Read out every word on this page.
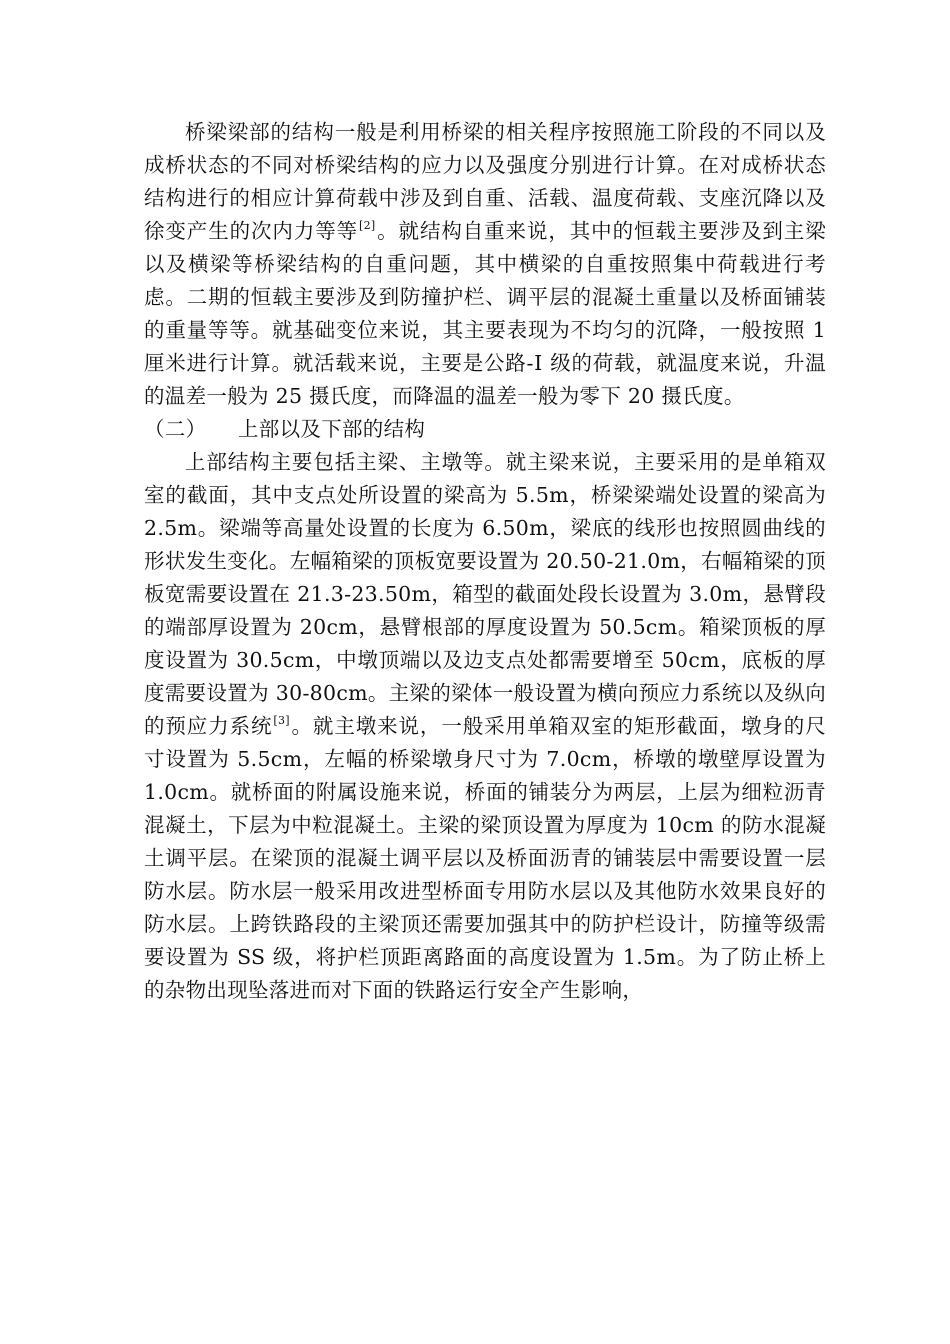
桥梁梁部的结构一般是利用桥梁的相关程序按照施工阶段的不同以及成桥状态的不同对桥梁结构的应力以及强度分别进行计算。在对成桥状态结构进行的相应计算荷载中涉及到自重、活载、温度荷载、支座沉降以及徐变产生的次内力等等[2]。就结构自重来说，其中的恒载主要涉及到主梁以及横梁等桥梁结构的自重问题，其中横梁的自重按照集中荷载进行考虑。二期的恒载主要涉及到防撞护栏、调平层的混凝土重量以及桥面铺装的重量等等。就基础变位来说，其主要表现为不均匀的沉降，一般按照 1 厘米进行计算。就活载来说，主要是公路-Ⅰ 级的荷载，就温度来说，升温的温差一般为 25 摄氏度，而降温的温差一般为零下 20 摄氏度。

（二） 上部以及下部的结构

上部结构主要包括主梁、主墩等。就主梁来说，主要采用的是单箱双室的截面，其中支点处所设置的梁高为 5.5m，桥梁梁端处设置的梁高为 2.5m。梁端等高量处设置的长度为 6.50m，梁底的线形也按照圆曲线的形状发生变化。左幅箱梁的顶板宽要设置为 20.50-21.0m，右幅箱梁的顶板宽需要设置在 21.3-23.50m，箱型的截面处段长设置为 3.0m，悬臂段的端部厚设置为 20cm，悬臂根部的厚度设置为 50.5cm。箱梁顶板的厚度设置为 30.5cm，中墩顶端以及边支点处都需要增至 50cm，底板的厚度需要设置为 30-80cm。主梁的梁体一般设置为横向预应力系统以及纵向的预应力系统[3]。就主墩来说，一般采用单箱双室的矩形截面，墩身的尺寸设置为 5.5cm，左幅的桥梁墩身尺寸为 7.0cm，桥墩的墩壁厚设置为 1.0cm。就桥面的附属设施来说，桥面的铺装分为两层，上层为细粒沥青混凝土，下层为中粒混凝土。主梁的梁顶设置为厚度为 10cm 的防水混凝土调平层。在梁顶的混凝土调平层以及桥面沥青的铺装层中需要设置一层防水层。防水层一般采用改进型桥面专用防水层以及其他防水效果良好的防水层。上跨铁路段的主梁顶还需要加强其中的防护栏设计，防撞等级需要设置为 SS 级，将护栏顶距离路面的高度设置为 1.5m。为了防止桥上的杂物出现坠落进而对下面的铁路运行安全产生影响，
